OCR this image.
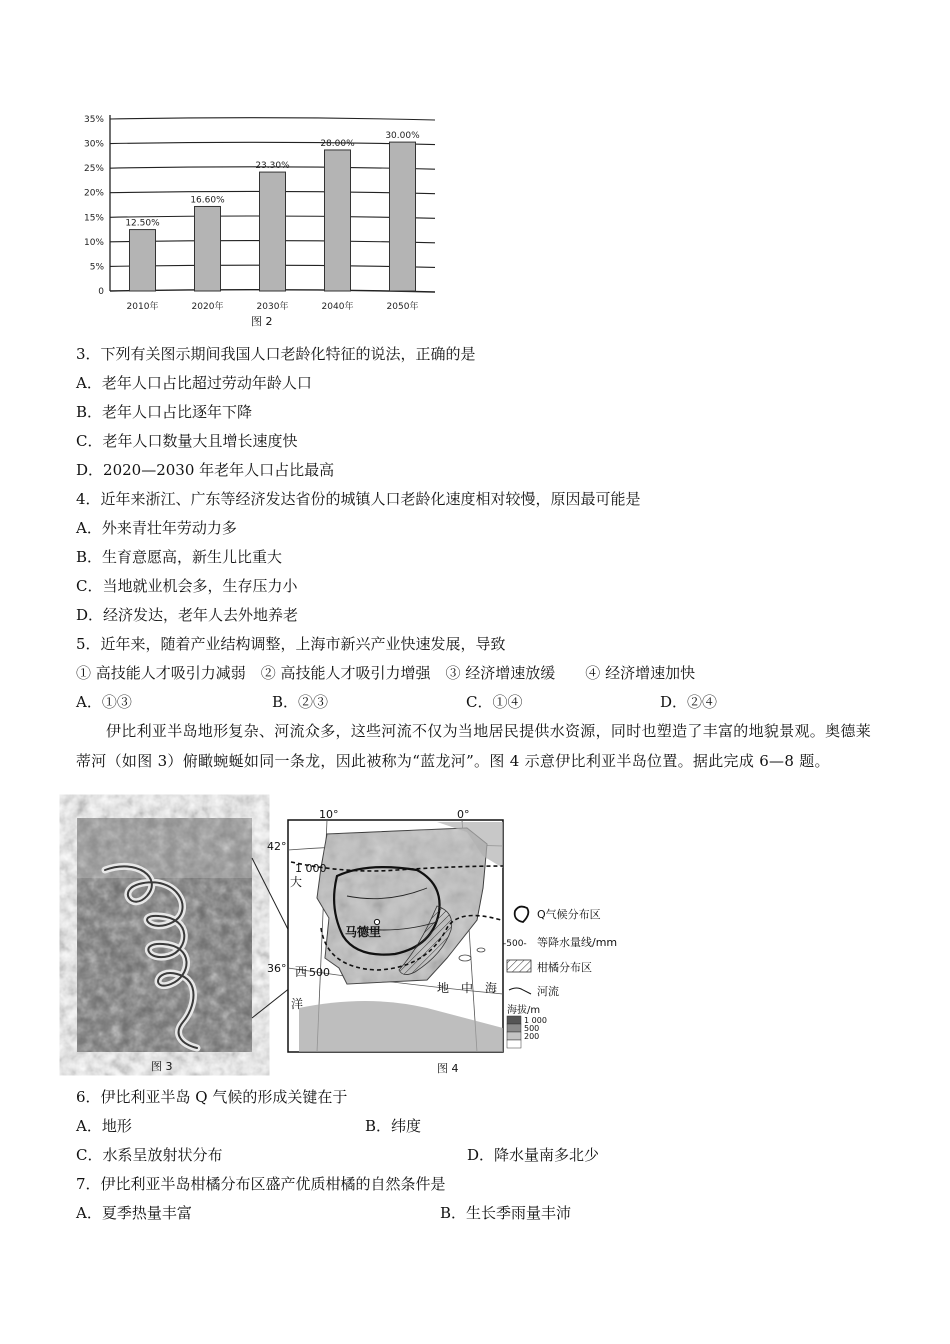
0
5%
10%
15%
20%
25%
30%
35%
12.50%
16.60%
23.30%
28.00%
30.00%
2010年	2020年	2030年	2040年	2050年
图 2
3．下列有关图示期间我国人口老龄化特征的说法，正确的是
A．老年人口占比超过劳动年龄人口
B．老年人口占比逐年下降
C．老年人口数量大且增长速度快
D．2020—2030 年老年人口占比最高
4．近年来浙江、广东等经济发达省份的城镇人口老龄化速度相对较慢，原因最可能是
A．外来青壮年劳动力多
B．生育意愿高，新生儿比重大
C．当地就业机会多，生存压力小
D．经济发达，老年人去外地养老
5．近年来，随着产业结构调整，上海市新兴产业快速发展，导致
① 高技能人才吸引力减弱　② 高技能人才吸引力增强　③ 经济增速放缓　　④ 经济增速加快
A．①③	B．②③	C．①④	D．②④
伊比利亚半岛地形复杂、河流众多，这些河流不仅为当地居民提供水资源，同时也塑造了丰富的地貌景观。奥德莱蒂河（如图 3）俯瞰蜿蜒如同一条龙，因此被称为“蓝龙河”。图 4 示意伊比利亚半岛位置。据此完成 6—8 题。
图 3
10°	0°
42°
36°
1 000
500
马德里
大
西
洋
地　中　海
Q气候分布区
-500- 等降水量线/mm
柑橘分布区
河流
海拔/m
1 000
500
200
图 4
6．伊比利亚半岛 Q 气候的形成关键在于
A．地形	B．纬度
C．水系呈放射状分布	D．降水量南多北少
7．伊比利亚半岛柑橘分布区盛产优质柑橘的自然条件是
A．夏季热量丰富	B．生长季雨量丰沛
